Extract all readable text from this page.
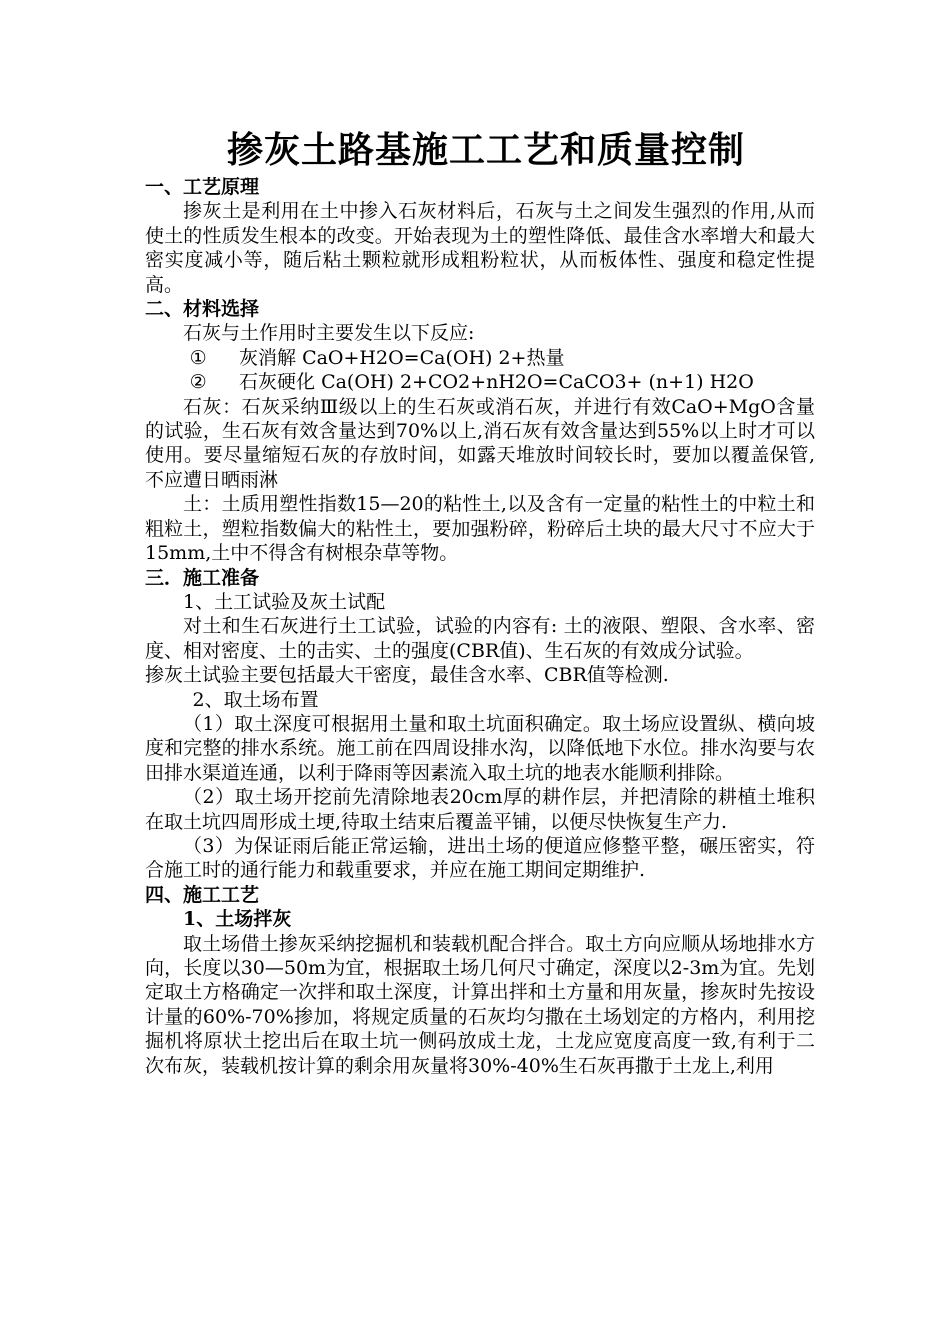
掺灰土路基施工工艺和质量控制
一、工艺原理
掺灰土是利用在土中掺入石灰材料后，石灰与土之间发生强烈的作用,从而使土的性质发生根本的改变。开始表现为土的塑性降低、最佳含水率增大和最大密实度减小等，随后粘土颗粒就形成粗粉粒状，从而板体性、强度和稳定性提高。
二、材料选择
石灰与土作用时主要发生以下反应:
① 灰消解 CaO+H2O=Ca(OH) 2+热量
② 石灰硬化 Ca(OH) 2+CO2+nH2O=CaCO3+ (n+1) H2O
石灰：石灰采纳Ⅲ级以上的生石灰或消石灰，并进行有效CaO+MgO含量的试验，生石灰有效含量达到70%以上,消石灰有效含量达到55%以上时才可以使用。要尽量缩短石灰的存放时间，如露天堆放时间较长时，要加以覆盖保管,不应遭日晒雨淋
土：土质用塑性指数15—20的粘性土,以及含有一定量的粘性土的中粒土和粗粒土，塑粒指数偏大的粘性土，要加强粉碎，粉碎后土块的最大尺寸不应大于15mm,土中不得含有树根杂草等物。
三．施工准备
1、土工试验及灰土试配
对土和生石灰进行土工试验，试验的内容有: 土的液限、塑限、含水率、密度、相对密度、土的击实、土的强度(CBR值)、生石灰的有效成分试验。
掺灰土试验主要包括最大干密度，最佳含水率、CBR值等检测.
2、取土场布置
（1）取土深度可根据用土量和取土坑面积确定。取土场应设置纵、横向坡度和完整的排水系统。施工前在四周设排水沟，以降低地下水位。排水沟要与农田排水渠道连通，以利于降雨等因素流入取土坑的地表水能顺利排除。
（2）取土场开挖前先清除地表20cm厚的耕作层，并把清除的耕植土堆积在取土坑四周形成土埂,待取土结束后覆盖平铺，以便尽快恢复生产力.
（3）为保证雨后能正常运输，进出土场的便道应修整平整，碾压密实，符合施工时的通行能力和载重要求，并应在施工期间定期维护.
四、施工工艺
1、土场拌灰
取土场借土掺灰采纳挖掘机和装载机配合拌合。取土方向应顺从场地排水方向，长度以30—50m为宜，根据取土场几何尺寸确定，深度以2-3m为宜。先划定取土方格确定一次拌和取土深度，计算出拌和土方量和用灰量，掺灰时先按设计量的60%-70%掺加，将规定质量的石灰均匀撒在土场划定的方格内，利用挖掘机将原状土挖出后在取土坑一侧码放成土龙，土龙应宽度高度一致,有利于二次布灰，装载机按计算的剩余用灰量将30%-40%生石灰再撒于土龙上,利用
